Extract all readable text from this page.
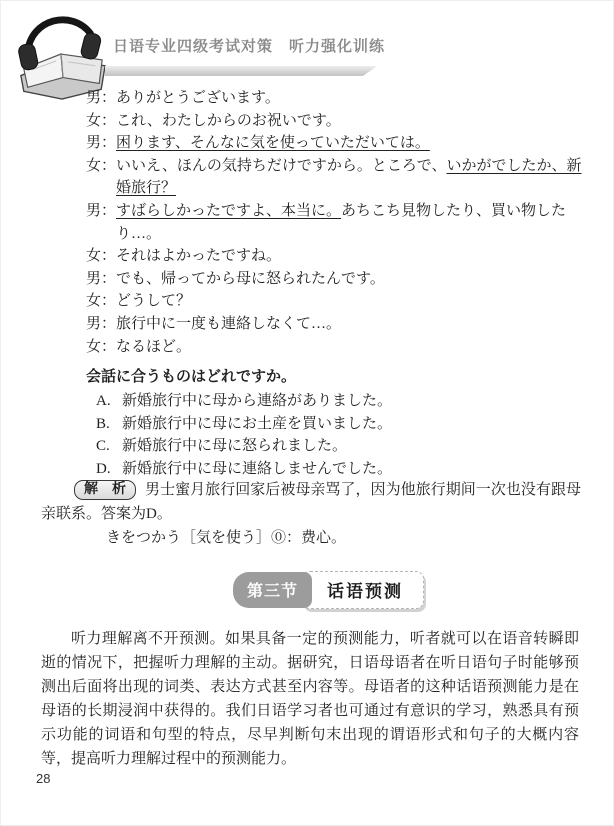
日语专业四级考试对策　听力强化训练
男： ありがとうございます。
女： これ、わたしからのお祝いです。
男： 困ります、そんなに気を使っていただいては。
女： いいえ、ほんの気持ちだけですから。ところで、いかがでしたか、新婚旅行？
男： すばらしかったですよ、本当に。あちこち見物したり、買い物したり…。
女： それはよかったですね。
男： でも、帰ってから母に怒られたんです。
女： どうして？
男： 旅行中に一度も連絡しなくて…。
女： なるほど。
会話に合うものはどれですか。
A. 新婚旅行中に母から連絡がありました。
B. 新婚旅行中に母にお土産を買いました。
C. 新婚旅行中に母に怒られました。
D. 新婚旅行中に母に連絡しませんでした。

解　析 男士蜜月旅行回家后被母亲骂了，因为他旅行期间一次也没有跟母亲联系。答案为D。

きをつかう［気を使う］⓪：费心。

第三节	话语预测

听力理解离不开预测。如果具备一定的预测能力，听者就可以在语音转瞬即逝的情况下，把握听力理解的主动。据研究，日语母语者在听日语句子时能够预测出后面将出现的词类、表达方式甚至内容等。母语者的这种话语预测能力是在母语的长期浸润中获得的。我们日语学习者也可通过有意识的学习，熟悉具有预示功能的词语和句型的特点，尽早判断句末出现的谓语形式和句子的大概内容等，提高听力理解过程中的预测能力。

28
